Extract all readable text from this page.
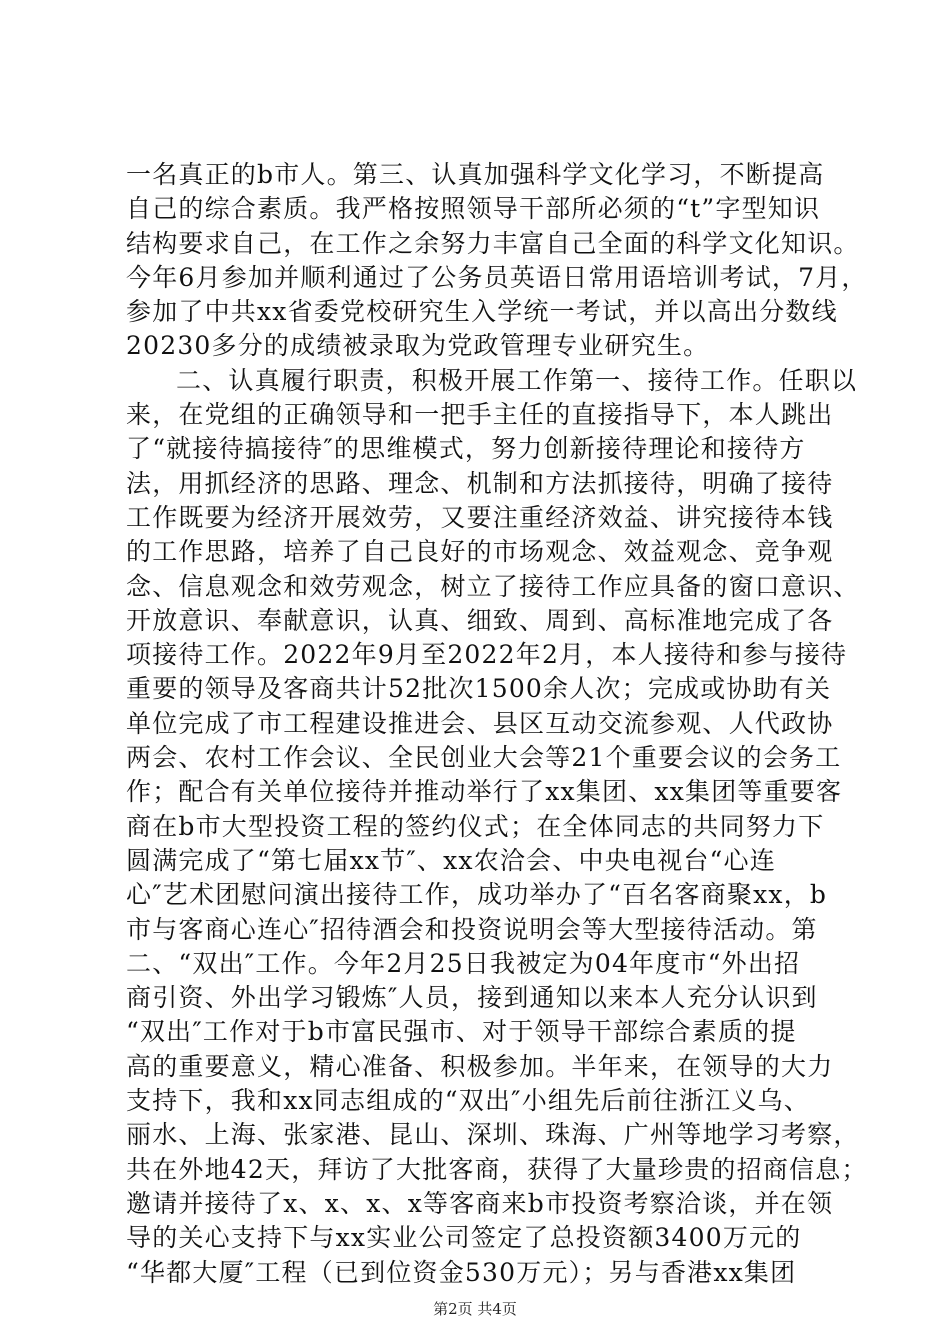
一名真正的b市人。第三、认真加强科学文化学习，不断提高
自己的综合素质。我严格按照领导干部所必须的“t”字型知识
结构要求自己，在工作之余努力丰富自己全面的科学文化知识。
今年6月参加并顺利通过了公务员英语日常用语培训考试，7月，
参加了中共xx省委党校研究生入学统一考试，并以高出分数线
20230多分的成绩被录取为党政管理专业研究生。
二、认真履行职责，积极开展工作第一、接待工作。任职以
来，在党组的正确领导和一把手主任的直接指导下，本人跳出
了“就接待搞接待″的思维模式，努力创新接待理论和接待方
法，用抓经济的思路、理念、机制和方法抓接待，明确了接待
工作既要为经济开展效劳，又要注重经济效益、讲究接待本钱
的工作思路，培养了自己良好的市场观念、效益观念、竞争观
念、信息观念和效劳观念，树立了接待工作应具备的窗口意识、
开放意识、奉献意识，认真、细致、周到、高标准地完成了各
项接待工作。2022年9月至2022年2月，本人接待和参与接待
重要的领导及客商共计52批次1500余人次；完成或协助有关
单位完成了市工程建设推进会、县区互动交流参观、人代政协
两会、农村工作会议、全民创业大会等21个重要会议的会务工
作；配合有关单位接待并推动举行了xx集团、xx集团等重要客
商在b市大型投资工程的签约仪式；在全体同志的共同努力下
圆满完成了“第七届xx节″、xx农洽会、中央电视台“心连
心″艺术团慰问演出接待工作，成功举办了“百名客商聚xx，b
市与客商心连心″招待酒会和投资说明会等大型接待活动。第
二、“双出″工作。今年2月25日我被定为04年度市“外出招
商引资、外出学习锻炼″人员，接到通知以来本人充分认识到
“双出″工作对于b市富民强市、对于领导干部综合素质的提
高的重要意义，精心准备、积极参加。半年来，在领导的大力
支持下，我和xx同志组成的“双出″小组先后前往浙江义乌、
丽水、上海、张家港、昆山、深圳、珠海、广州等地学习考察，
共在外地42天，拜访了大批客商，获得了大量珍贵的招商信息；
邀请并接待了x、x、x、x等客商来b市投资考察洽谈，并在领
导的关心支持下与xx实业公司签定了总投资额3400万元的
“华都大厦″工程（已到位资金530万元）；另与香港xx集团
第2页 共4页
